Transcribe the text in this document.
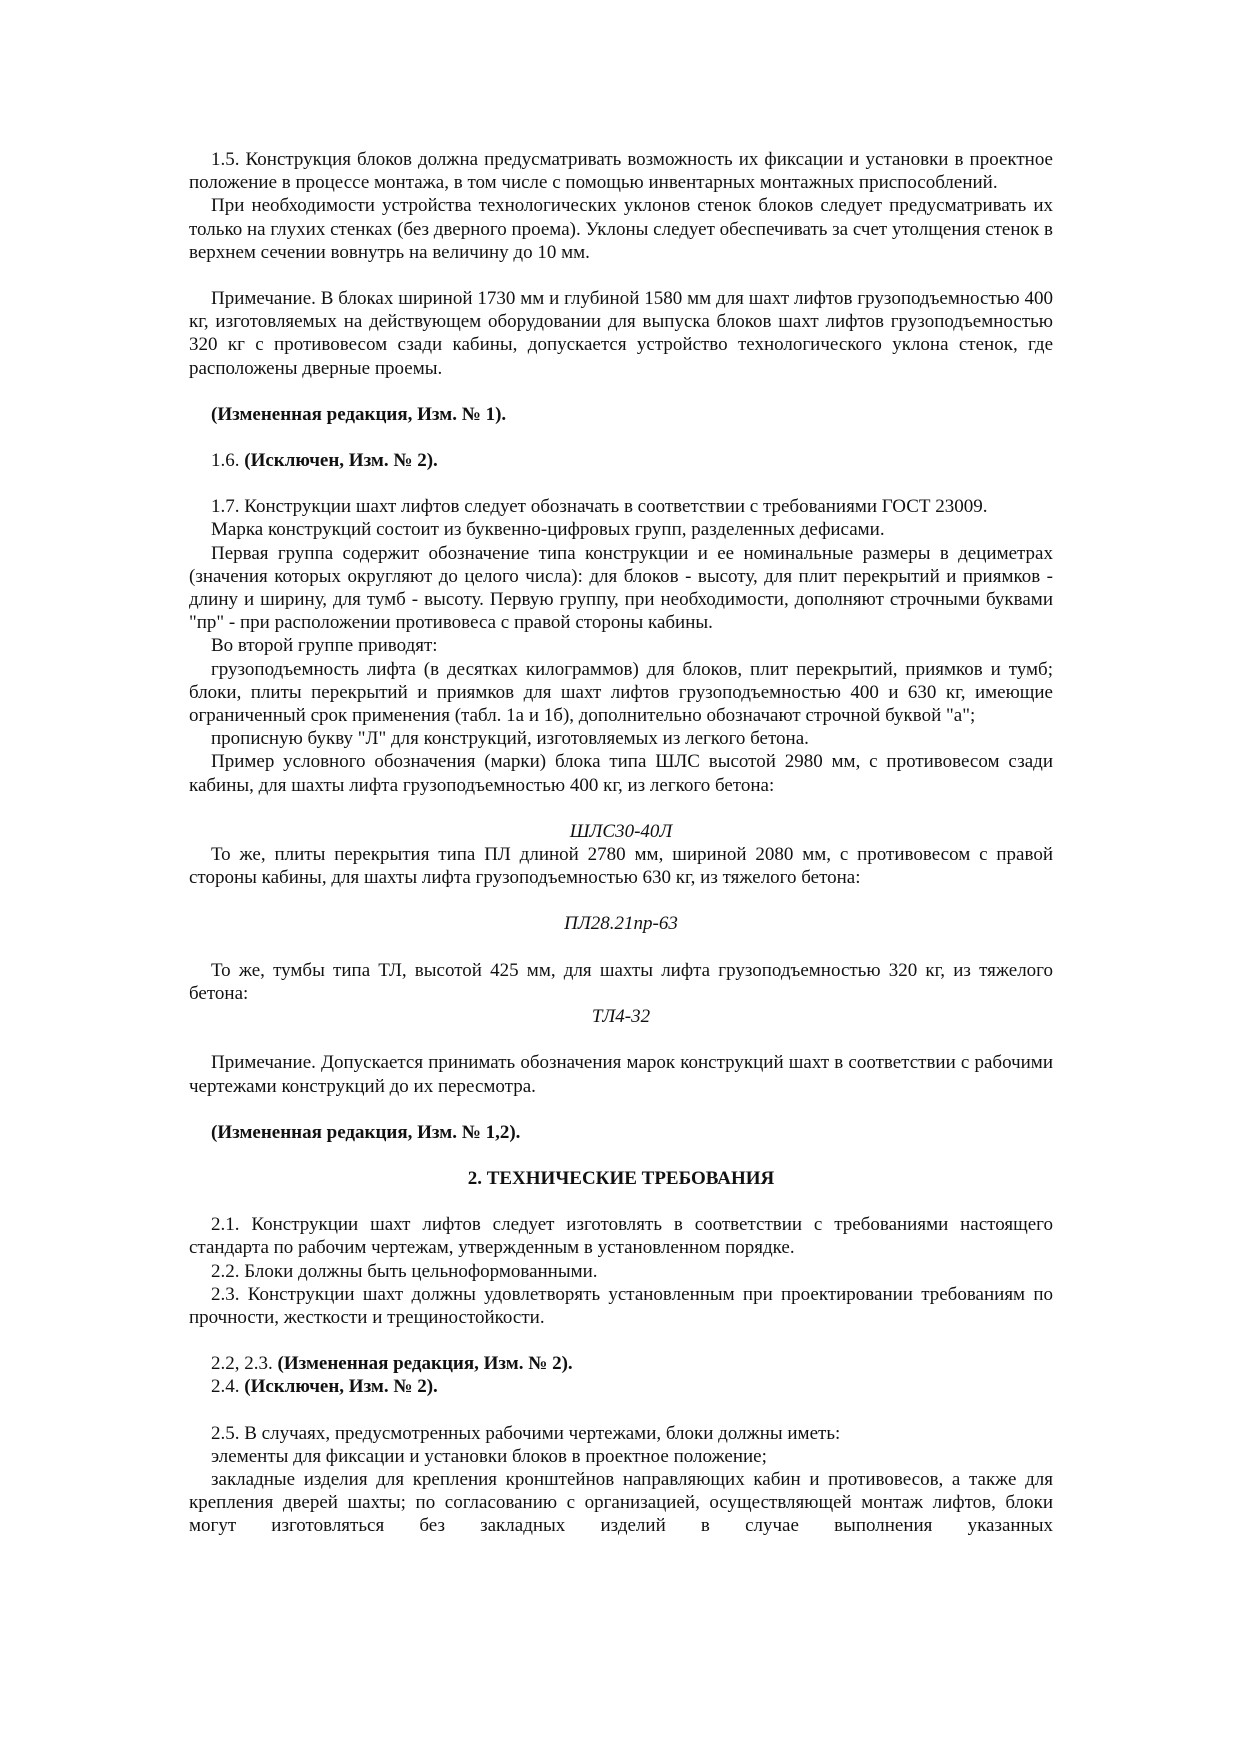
1.5. Конструкция блоков должна предусматривать возможность их фиксации и установки в проектное положение в процессе монтажа, в том числе с помощью инвентарных монтажных приспособлений.

При необходимости устройства технологических уклонов стенок блоков следует предусматривать их только на глухих стенках (без дверного проема). Уклоны следует обеспечивать за счет утолщения стенок в верхнем сечении вовнутрь на величину до 10 мм.

Примечание. В блоках шириной 1730 мм и глубиной 1580 мм для шахт лифтов грузоподъемностью 400 кг, изготовляемых на действующем оборудовании для выпуска блоков шахт лифтов грузоподъемностью 320 кг с противовесом сзади кабины, допускается устройство технологического уклона стенок, где расположены дверные проемы.

(Измененная редакция, Изм. № 1).

1.6. (Исключен, Изм. № 2).

1.7. Конструкции шахт лифтов следует обозначать в соответствии с требованиями ГОСТ 23009.

Марка конструкций состоит из буквенно-цифровых групп, разделенных дефисами.

Первая группа содержит обозначение типа конструкции и ее номинальные размеры в дециметрах (значения которых округляют до целого числа): для блоков - высоту, для плит перекрытий и приямков - длину и ширину, для тумб - высоту. Первую группу, при необходимости, дополняют строчными буквами "пр" - при расположении противовеса с правой стороны кабины.

Во второй группе приводят:

грузоподъемность лифта (в десятках килограммов) для блоков, плит перекрытий, приямков и тумб; блоки, плиты перекрытий и приямков для шахт лифтов грузоподъемностью 400 и 630 кг, имеющие ограниченный срок применения (табл. 1а и 1б), дополнительно обозначают строчной буквой "а";

прописную букву "Л" для конструкций, изготовляемых из легкого бетона.

Пример условного обозначения (марки) блока типа ШЛС высотой 2980 мм, с противовесом сзади кабины, для шахты лифта грузоподъемностью 400 кг, из легкого бетона:

ШЛС30-40Л

То же, плиты перекрытия типа ПЛ длиной 2780 мм, шириной 2080 мм, с противовесом с правой стороны кабины, для шахты лифта грузоподъемностью 630 кг, из тяжелого бетона:

ПЛ28.21пр-63

То же, тумбы типа ТЛ, высотой 425 мм, для шахты лифта грузоподъемностью 320 кг, из тяжелого бетона:

ТЛ4-32

Примечание. Допускается принимать обозначения марок конструкций шахт в соответствии с рабочими чертежами конструкций до их пересмотра.

(Измененная редакция, Изм. № 1,2).

2. ТЕХНИЧЕСКИЕ ТРЕБОВАНИЯ

2.1. Конструкции шахт лифтов следует изготовлять в соответствии с требованиями настоящего стандарта по рабочим чертежам, утвержденным в установленном порядке.

2.2. Блоки должны быть цельноформованными.

2.3. Конструкции шахт должны удовлетворять установленным при проектировании требованиям по прочности, жесткости и трещиностойкости.

2.2, 2.3. (Измененная редакция, Изм. № 2).

2.4. (Исключен, Изм. № 2).

2.5. В случаях, предусмотренных рабочими чертежами, блоки должны иметь:

элементы для фиксации и установки блоков в проектное положение;

закладные изделия для крепления кронштейнов направляющих кабин и противовесов, а также для крепления дверей шахты; по согласованию с организацией, осуществляющей монтаж лифтов, блоки могут изготовляться без закладных изделий в случае выполнения указанных
